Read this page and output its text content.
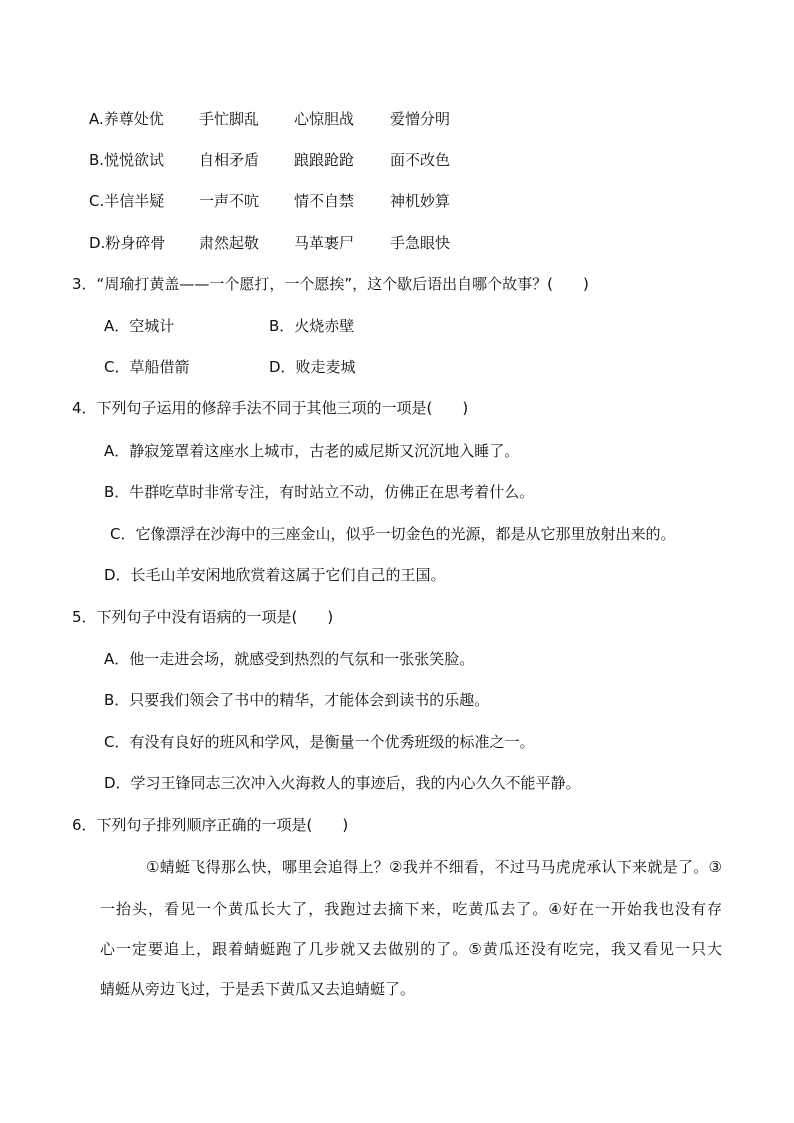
A.养尊处优 手忙脚乱 心惊胆战 爱憎分明
B.悦悦欲试 自相矛盾 踉踉跄跄 面不改色
C.半信半疑 一声不吭 情不自禁 神机妙算
D.粉身碎骨 肃然起敬 马革裹尸 手急眼快
3．“周瑜打黄盖——一个愿打，一个愿挨”，这个歇后语出自哪个故事？(　　)
A．空城计	B．火烧赤壁
C．草船借箭	D．败走麦城
4．下列句子运用的修辞手法不同于其他三项的一项是(　　)
A．静寂笼罩着这座水上城市，古老的威尼斯又沉沉地入睡了。
B．牛群吃草时非常专注，有时站立不动，仿佛正在思考着什么。
C．它像漂浮在沙海中的三座金山，似乎一切金色的光源，都是从它那里放射出来的。
D．长毛山羊安闲地欣赏着这属于它们自己的王国。
5．下列句子中没有语病的一项是(　　)
A．他一走进会场，就感受到热烈的气氛和一张张笑脸。
B．只要我们领会了书中的精华，才能体会到读书的乐趣。
C．有没有良好的班风和学风，是衡量一个优秀班级的标准之一。
D．学习王锋同志三次冲入火海救人的事迹后，我的内心久久不能平静。
6．下列句子排列顺序正确的一项是(　　)
①蜻蜓飞得那么快，哪里会追得上？②我并不细看，不过马马虎虎承认下来就是了。③
一抬头，看见一个黄瓜长大了，我跑过去摘下来，吃黄瓜去了。④好在一开始我也没有存
心一定要追上，跟着蜻蜓跑了几步就又去做别的了。⑤黄瓜还没有吃完，我又看见一只大
蜻蜓从旁边飞过，于是丢下黄瓜又去追蜻蜓了。
